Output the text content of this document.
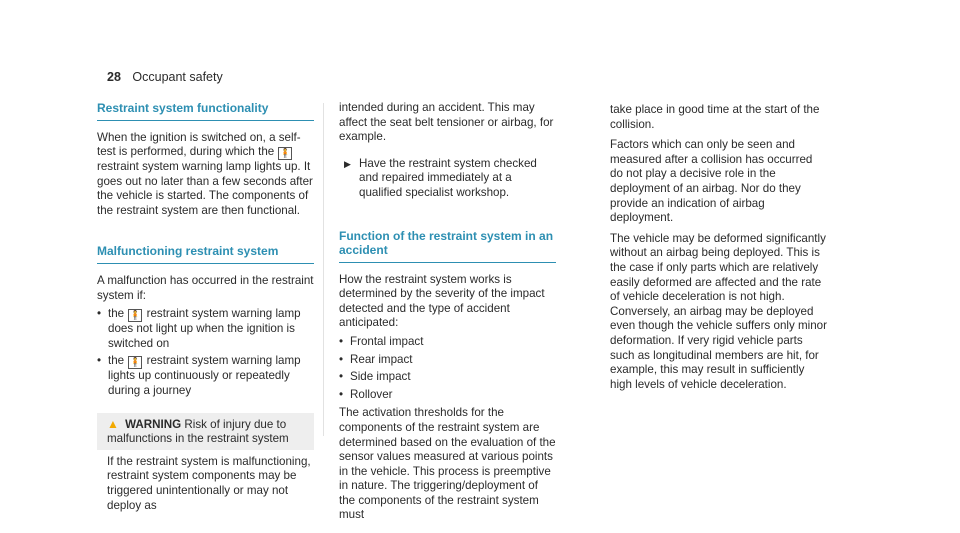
28 Occupant safety
Restraint system functionality

When the ignition is switched on, a self-test is performed, during which the 🧍 restraint system warning lamp lights up. It goes out no later than a few seconds after the vehicle is started. The components of the restraint system are then functional.

Malfunctioning restraint system

A malfunction has occurred in the restraint system if:

• the 🧍 restraint system warning lamp does not light up when the ignition is switched on
• the 🧍 restraint system warning lamp lights up continuously or repeatedly during a journey
▲ WARNING Risk of injury due to malfunctions in the restraint system

If the restraint system is malfunctioning, restraint system components may be triggered unintentionally or may not deploy as

intended during an accident. This may affect the seat belt tensioner or airbag, for example.

▶ Have the restraint system checked and repaired immediately at a qualified specialist workshop.
Function of the restraint system in an accident

How the restraint system works is determined by the severity of the impact detected and the type of accident anticipated:

• Frontal impact
• Rear impact
• Side impact
• Rollover

The activation thresholds for the components of the restraint system are determined based on the evaluation of the sensor values measured at various points in the vehicle. This process is preemptive in nature. The triggering/deployment of the components of the restraint system must

take place in good time at the start of the collision.

Factors which can only be seen and measured after a collision has occurred do not play a decisive role in the deployment of an airbag. Nor do they provide an indication of airbag deployment.

The vehicle may be deformed significantly without an airbag being deployed. This is the case if only parts which are relatively easily deformed are affected and the rate of vehicle deceleration is not high. Conversely, an airbag may be deployed even though the vehicle suffers only minor deformation. If very rigid vehicle parts such as longitudinal members are hit, for example, this may result in sufficiently high levels of vehicle deceleration.
